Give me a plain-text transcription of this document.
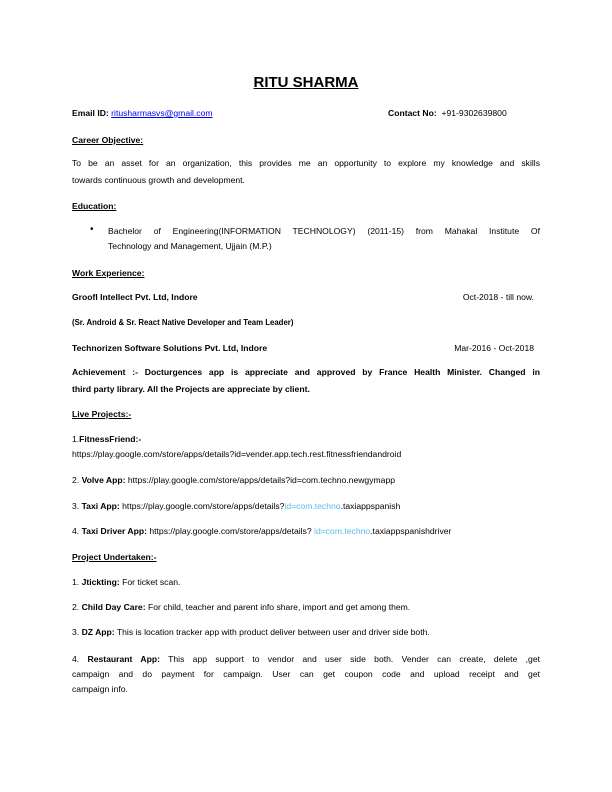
RITU SHARMA
Email ID: ritusharmasvs@gmail.com	Contact No: +91-9302639800
Career Objective:
To be an asset for an organization, this provides me an opportunity to explore my knowledge and skills
towards continuous growth and development.
Education:
• Bachelor of Engineering(INFORMATION TECHNOLOGY) (2011-15) from Mahakal Institute Of
Technology and Management, Ujjain (M.P.)
Work Experience:
Groofl Intellect Pvt. Ltd, Indore	Oct-2018 - till now.
(Sr. Android & Sr. React Native Developer and Team Leader)
Technorizen Software Solutions Pvt. Ltd, Indore	Mar-2016 - Oct-2018
Achievement :- Docturgences app is appreciate and approved by France Health Minister. Changed in
third party library. All the Projects are appreciate by client.
Live Projects:-
1.FitnessFriend:-
https://play.google.com/store/apps/details?id=vender.app.tech.rest.fitnessfriendandroid
2. Volve App: https://play.google.com/store/apps/details?id=com.techno.newgymapp
3. Taxi App: https://play.google.com/store/apps/details?id=com.techno.taxiappspanish
4. Taxi Driver App: https://play.google.com/store/apps/details? id=com.techno.taxiappspanishdriver
Project Undertaken:-
1. Jtickting: For ticket scan.
2. Child Day Care: For child, teacher and parent info share, import and get among them.
3. DZ App: This is location tracker app with product deliver between user and driver side both.
4. Restaurant App: This app support to vendor and user side both. Vender can create, delete ,get
campaign and do payment for campaign. User can get coupon code and upload receipt and get
campaign info.
